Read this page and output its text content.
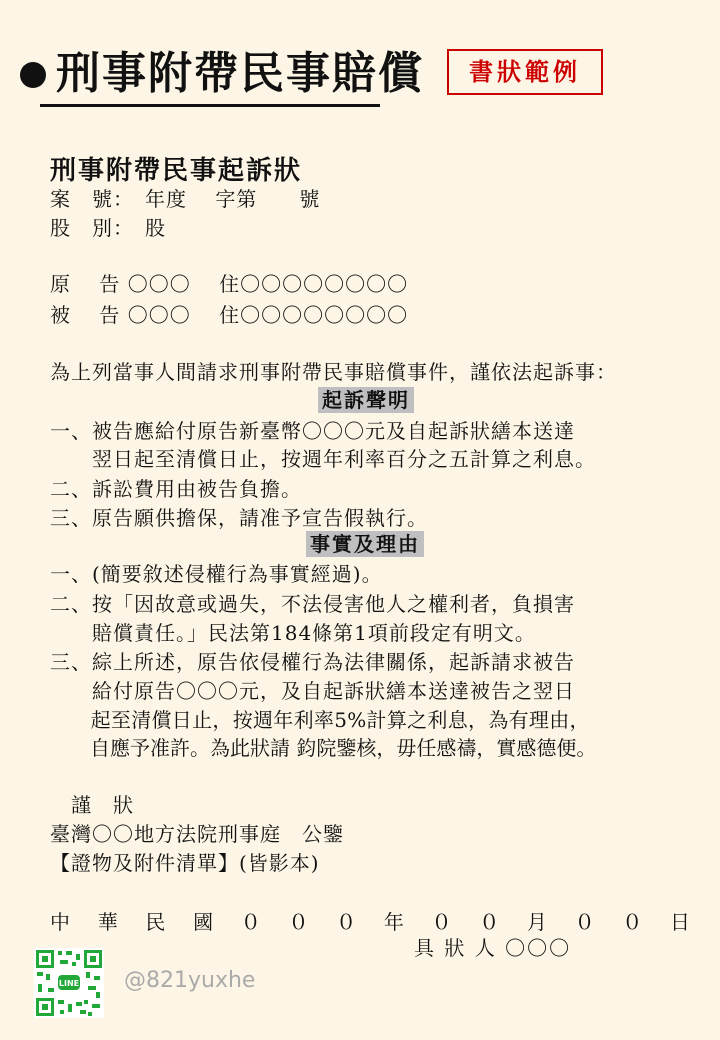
刑事附帶民事賠償	書狀範例
刑事附帶民事起訴狀
案　號：　年度　 字第　　號
股　別：　股
原　 告 〇〇〇　 住〇〇〇〇〇〇〇〇
被　 告 〇〇〇　 住〇〇〇〇〇〇〇〇
為上列當事人間請求刑事附帶民事賠償事件，謹依法起訴事：
起訴聲明
一、被告應給付原告新臺幣〇〇〇元及自起訴狀繕本送達
　　翌日起至清償日止，按週年利率百分之五計算之利息。
二、訴訟費用由被告負擔。
三、原告願供擔保，請准予宣告假執行。
事實及理由
一、(簡要敘述侵權行為事實經過)。
二、按「因故意或過失，不法侵害他人之權利者，負損害
　　賠償責任。」民法第184條第1項前段定有明文。
三、綜上所述，原告依侵權行為法律關係，起訴請求被告
　　給付原告〇〇〇元，及自起訴狀繕本送達被告之翌日
　　起至清償日止，按週年利率5%計算之利息，為有理由，
　　自應予准許。為此狀請 鈞院鑒核，毋任感禱，實感德便。
　謹　狀
臺灣〇〇地方法院刑事庭　公鑒
【證物及附件清單】(皆影本)
中 華 民 國 ０ ０ ０ 年 ０ ０ 月 ０ ０ 日
具 狀 人 〇〇〇
LINE @821yuxhe
